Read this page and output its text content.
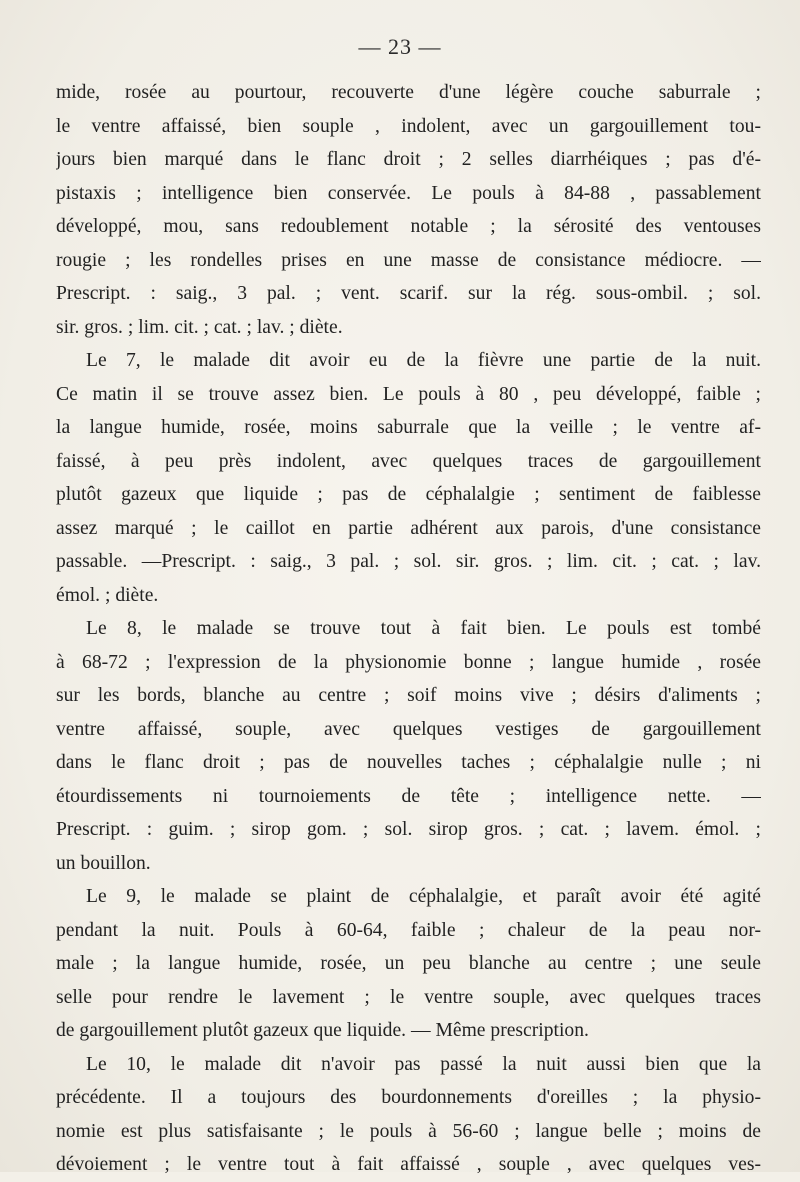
— 23 —
mide, rosée au pourtour, recouverte d'une légère couche saburrale ;
le ventre affaissé, bien souple , indolent, avec un gargouillement tou-
jours bien marqué dans le flanc droit ; 2 selles diarrhéiques ; pas d'é-
pistaxis ; intelligence bien conservée. Le pouls à 84-88 , passablement
développé, mou, sans redoublement notable ; la sérosité des ventouses
rougie ; les rondelles prises en une masse de consistance médiocre. —
Prescript. : saig., 3 pal. ; vent. scarif. sur la rég. sous-ombil. ; sol.
sir. gros. ; lim. cit. ; cat. ; lav. ; diète.
Le 7, le malade dit avoir eu de la fièvre une partie de la nuit.
Ce matin il se trouve assez bien. Le pouls à 80 , peu développé, faible ;
la langue humide, rosée, moins saburrale que la veille ; le ventre af-
faissé, à peu près indolent, avec quelques traces de gargouillement
plutôt gazeux que liquide ; pas de céphalalgie ; sentiment de faiblesse
assez marqué ; le caillot en partie adhérent aux parois, d'une consistance
passable. —Prescript. : saig., 3 pal. ; sol. sir. gros. ; lim. cit. ; cat. ; lav.
émol. ; diète.
Le 8, le malade se trouve tout à fait bien. Le pouls est tombé
à 68-72 ; l'expression de la physionomie bonne ; langue humide , rosée
sur les bords, blanche au centre ; soif moins vive ; désirs d'aliments ;
ventre affaissé, souple, avec quelques vestiges de gargouillement
dans le flanc droit ; pas de nouvelles taches ; céphalalgie nulle ; ni
étourdissements ni tournoiements de tête ; intelligence nette. —
Prescript. : guim. ; sirop gom. ; sol. sirop gros. ; cat. ; lavem. émol. ;
un bouillon.
Le 9, le malade se plaint de céphalalgie, et paraît avoir été agité
pendant la nuit. Pouls à 60-64, faible ; chaleur de la peau nor-
male ; la langue humide, rosée, un peu blanche au centre ; une seule
selle pour rendre le lavement ; le ventre souple, avec quelques traces
de gargouillement plutôt gazeux que liquide. — Même prescription.
Le 10, le malade dit n'avoir pas passé la nuit aussi bien que la
précédente. Il a toujours des bourdonnements d'oreilles ; la physio-
nomie est plus satisfaisante ; le pouls à 56-60 ; langue belle ; moins de
dévoiement ; le ventre tout à fait affaissé , souple , avec quelques ves-
